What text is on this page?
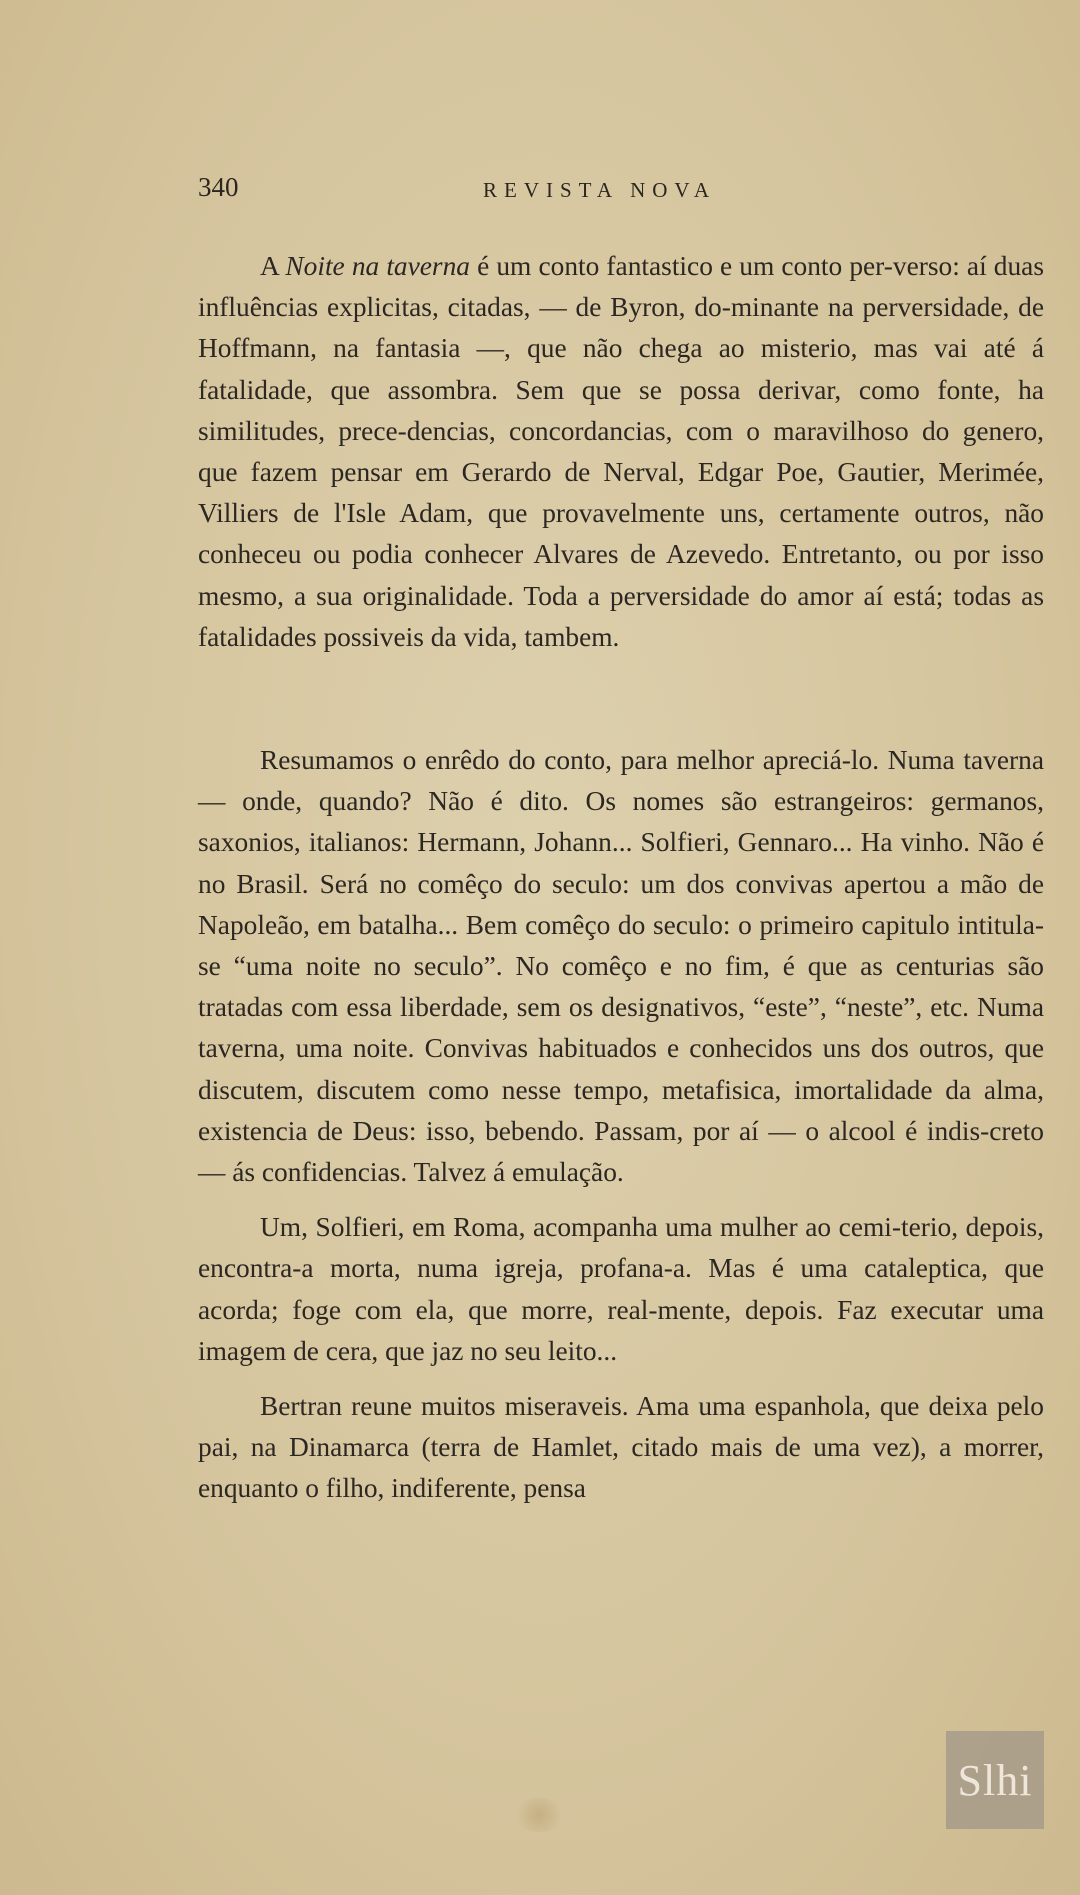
340	REVISTA NOVA

A Noite na taverna é um conto fantastico e um conto per-verso: aí duas influências explicitas, citadas, — de Byron, do-minante na perversidade, de Hoffmann, na fantasia —, que não chega ao misterio, mas vai até á fatalidade, que assombra. Sem que se possa derivar, como fonte, ha similitudes, prece-dencias, concordancias, com o maravilhoso do genero, que fazem pensar em Gerardo de Nerval, Edgar Poe, Gautier, Merimée, Villiers de l'Isle Adam, que provavelmente uns, certamente outros, não conheceu ou podia conhecer Alvares de Azevedo. Entretanto, ou por isso mesmo, a sua originalidade. Toda a perversidade do amor aí está; todas as fatalidades possiveis da vida, tambem.

Resumamos o enrêdo do conto, para melhor apreciá-lo. Numa taverna — onde, quando? Não é dito. Os nomes são estrangeiros: germanos, saxonios, italianos: Hermann, Johann... Solfieri, Gennaro... Ha vinho. Não é no Brasil. Será no comêço do seculo: um dos convivas apertou a mão de Napoleão, em batalha... Bem comêço do seculo: o primeiro capitulo intitula-se “uma noite no seculo”. No comêço e no fim, é que as centurias são tratadas com essa liberdade, sem os designativos, “este”, “neste”, etc. Numa taverna, uma noite. Convivas habituados e conhecidos uns dos outros, que discutem, discutem como nesse tempo, metafisica, imortalidade da alma, existencia de Deus: isso, bebendo. Passam, por aí — o alcool é indis-creto — ás confidencias. Talvez á emulação.

Um, Solfieri, em Roma, acompanha uma mulher ao cemi-terio, depois, encontra-a morta, numa igreja, profana-a. Mas é uma cataleptica, que acorda; foge com ela, que morre, real-mente, depois. Faz executar uma imagem de cera, que jaz no seu leito...

Bertran reune muitos miseraveis. Ama uma espanhola, que deixa pelo pai, na Dinamarca (terra de Hamlet, citado mais de uma vez), a morrer, enquanto o filho, indiferente, pensa

Slhi
